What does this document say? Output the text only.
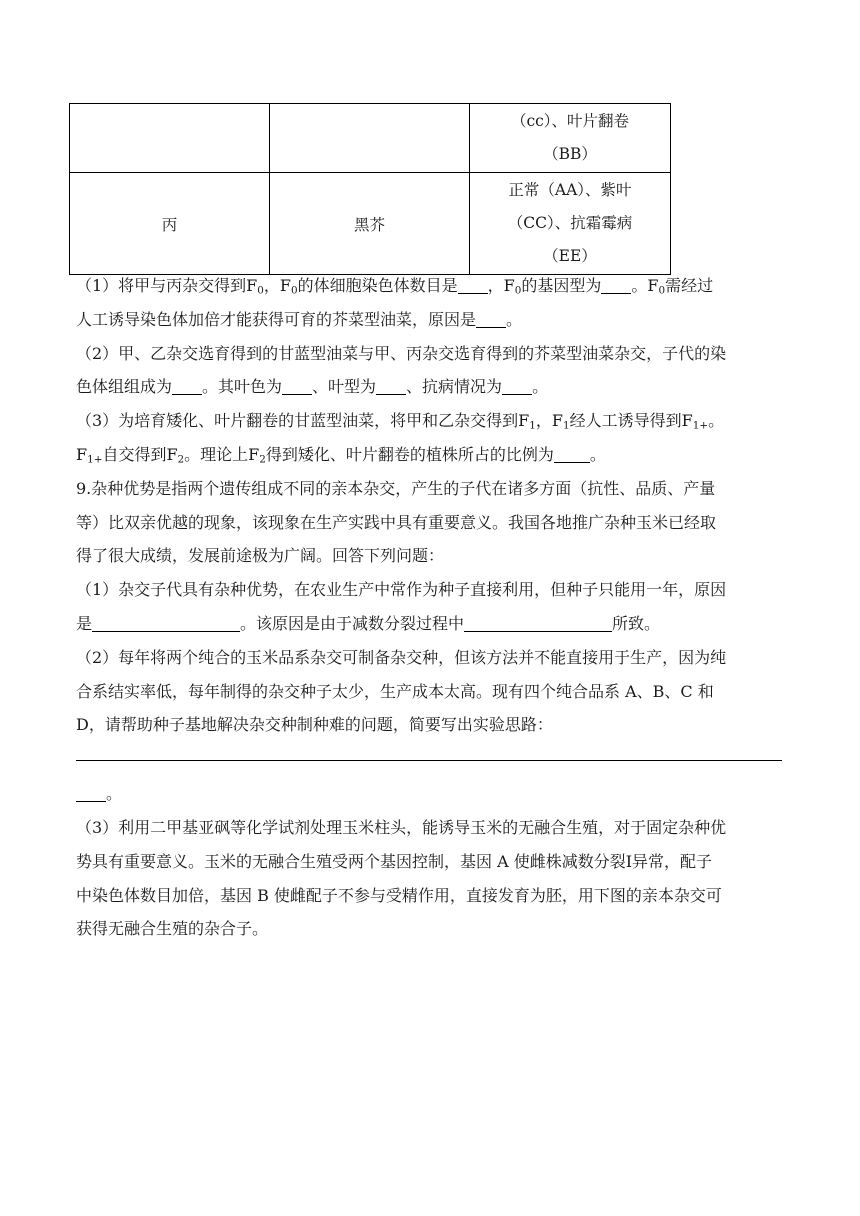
		（cc）、叶片翻卷
（BB）

丙	黑芥	正常（AA）、紫叶
（CC）、抗霜霉病
（EE）

（1）将甲与丙杂交得到$F_0$，$F_0$的体细胞染色体数目是 ，$F_0$的基因型为 。$F_0$需经过
人工诱导染色体加倍才能获得可育的芥菜型油菜，原因是 。

（2）甲、乙杂交选育得到的甘蓝型油菜与甲、丙杂交选育得到的芥菜型油菜杂交，子代的染
色体组组成为 。其叶色为 、叶型为 、抗病情况为 。

（3）为培育矮化、叶片翻卷的甘蓝型油菜，将甲和乙杂交得到$F_1$，$F_1$经人工诱导得到$F_{1+}$。
$F_{1+}$自交得到$F_2$。理论上$F_2$得到矮化、叶片翻卷的植株所占的比例为 。

9.杂种优势是指两个遗传组成不同的亲本杂交，产生的子代在诸多方面（抗性、品质、产量
等）比双亲优越的现象，该现象在生产实践中具有重要意义。我国各地推广杂种玉米已经取
得了很大成绩，发展前途极为广阔。回答下列问题：

（1）杂交子代具有杂种优势，在农业生产中常作为种子直接利用，但种子只能用一年，原因
是	。该原因是由于减数分裂过程中	所致。

（2）每年将两个纯合的玉米品系杂交可制备杂交种，但该方法并不能直接用于生产，因为纯
合系结实率低，每年制得的杂交种子太少，生产成本太高。现有四个纯合品系 A、B、C 和
D，请帮助种子基地解决杂交种制种难的问题，简要写出实验思路：
。

（3）利用二甲基亚砜等化学试剂处理玉米柱头，能诱导玉米的无融合生殖，对于固定杂种优
势具有重要意义。玉米的无融合生殖受两个基因控制，基因 A 使雌株减数分裂Ⅰ异常，配子
中染色体数目加倍，基因 B 使雌配子不参与受精作用，直接发育为胚，用下图的亲本杂交可
获得无融合生殖的杂合子。
